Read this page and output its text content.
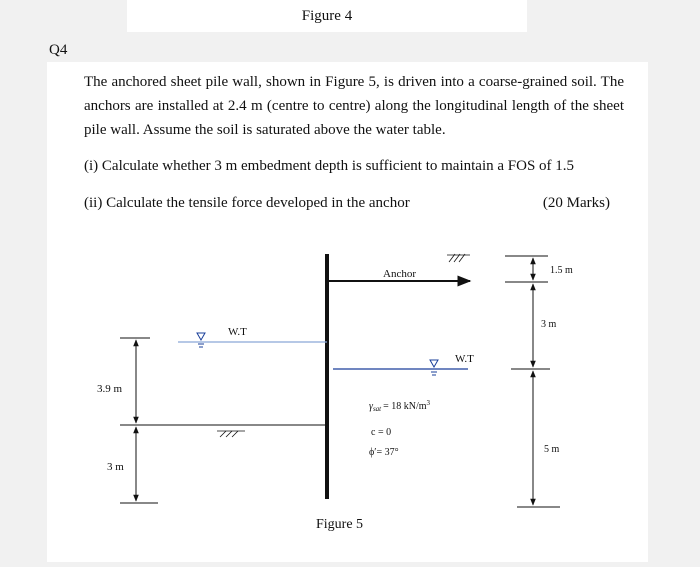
Figure 4
Q4
The anchored sheet pile wall, shown in Figure 5, is driven into a coarse-grained soil. The anchors are installed at 2.4 m (centre to centre) along the longitudinal length of the sheet pile wall. Assume the soil is saturated above the water table.
(i) Calculate whether 3 m embedment depth is sufficient to maintain a FOS of 1.5
(ii) Calculate the tensile force developed in the anchor	(20 Marks)
Anchor
W.T
W.T
$\gamma_{sat} = 18$ $kN/m^3$
c = 0
ϕ′= 37°
3.9 m
3 m
1.5 m
3 m
5 m
Figure 5
